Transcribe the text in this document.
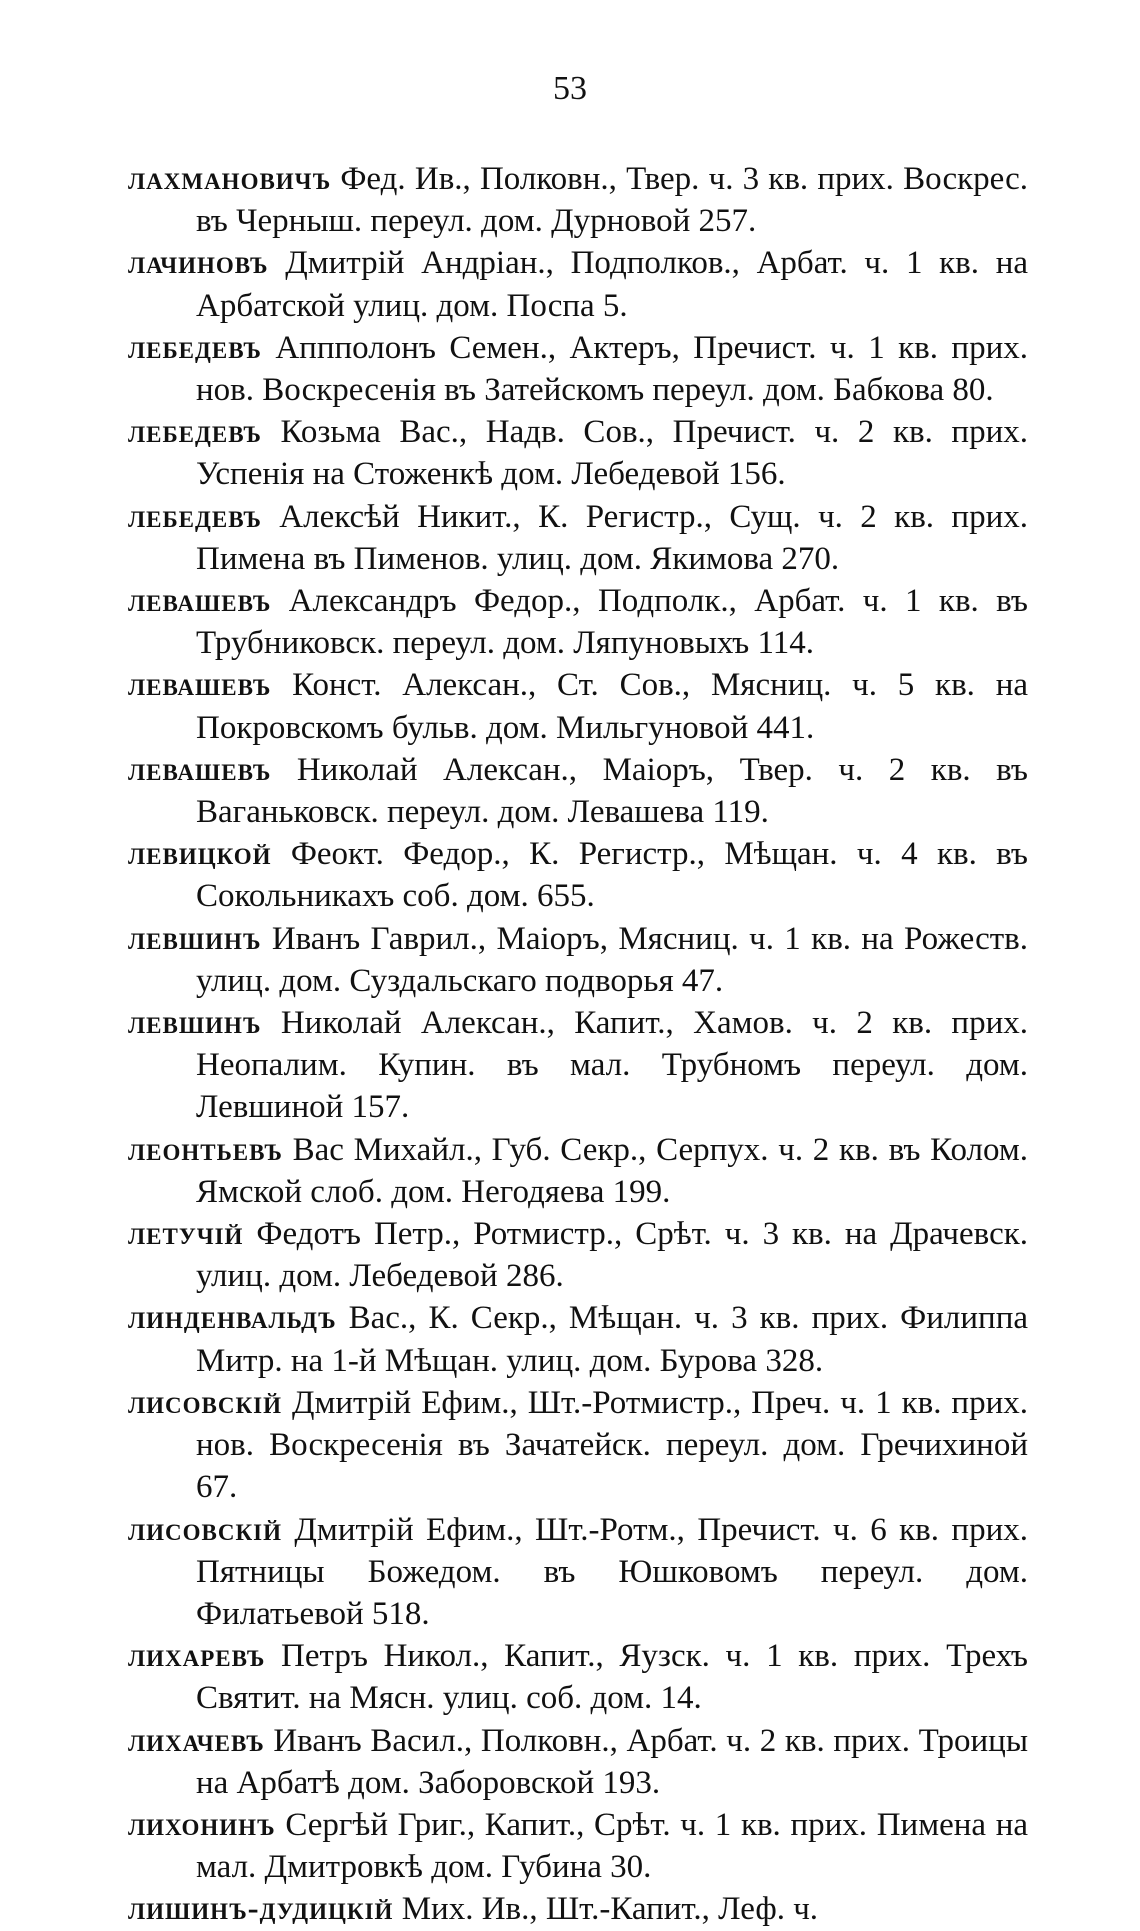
53
лахмановичъ Фед. Ив., Полковн., Твер. ч. 3 кв. прих. Воскрес. въ Черныш. переул. дом. Дурновой 257.
лачиновъ Дмитрій Андріан., Подполков., Арбат. ч. 1 кв. на Арбатской улиц. дом. Поспа 5.
лебедевъ Аппполонъ Семен., Актеръ, Пречист. ч. 1 кв. прих. нов. Воскресенія въ Затейскомъ переул. дом. Бабкова 80.
лебедевъ Козьма Вас., Надв. Сов., Пречист. ч. 2 кв. прих. Успенія на Стоженкѣ дом. Лебедевой 156.
лебедевъ Алексѣй Никит., К. Регистр., Сущ. ч. 2 кв. прих. Пимена въ Пименов. улиц. дом. Якимова 270.
левашевъ Александръ Федор., Подполк., Арбат. ч. 1 кв. въ Трубниковск. переул. дом. Ляпуновыхъ 114.
левашевъ Конст. Алексан., Ст. Сов., Мясниц. ч. 5 кв. на Покровскомъ бульв. дом. Мильгуновой 441.
левашевъ Николай Алексан., Маіоръ, Твер. ч. 2 кв. въ Ваганьковск. переул. дом. Левашева 119.
левицкой Феокт. Федор., К. Регистр., Мѣщан. ч. 4 кв. въ Сокольникахъ соб. дом. 655.
левшинъ Иванъ Гаврил., Маіоръ, Мясниц. ч. 1 кв. на Рожеств. улиц. дом. Суздальскаго подворья 47.
левшинъ Николай Алексан., Капит., Хамов. ч. 2 кв. прих. Неопалим. Купин. въ мал. Трубномъ переул. дом. Левшиной 157.
леонтьевъ Вас Михайл., Губ. Секр., Серпух. ч. 2 кв. въ Колом. Ямской слоб. дом. Негодяева 199.
летучій Федотъ Петр., Ротмистр., Срѣт. ч. 3 кв. на Драчевск. улиц. дом. Лебедевой 286.
линденвальдъ Вас., К. Секр., Мѣщан. ч. 3 кв. прих. Филиппа Митр. на 1-й Мѣщан. улиц. дом. Бурова 328.
лисовскій Дмитрій Ефим., Шт.-Ротмистр., Преч. ч. 1 кв. прих. нов. Воскресенія въ Зачатейск. переул. дом. Гречихиной 67.
лисовскій Дмитрій Ефим., Шт.-Ротм., Пречист. ч. 6 кв. прих. Пятницы Божедом. въ Юшковомъ переул. дом. Филатьевой 518.
лихаревъ Петръ Никол., Капит., Яузск. ч. 1 кв. прих. Трехъ Святит. на Мясн. улиц. соб. дом. 14.
лихачевъ Иванъ Васил., Полковн., Арбат. ч. 2 кв. прих. Троицы на Арбатѣ дом. Заборовской 193.
лихонинъ Сергѣй Григ., Капит., Срѣт. ч. 1 кв. прих. Пимена на мал. Дмитровкѣ дом. Губина 30.
лишинъ-дудицкій Мих. Ив., Шт.-Капит., Леф. ч.
